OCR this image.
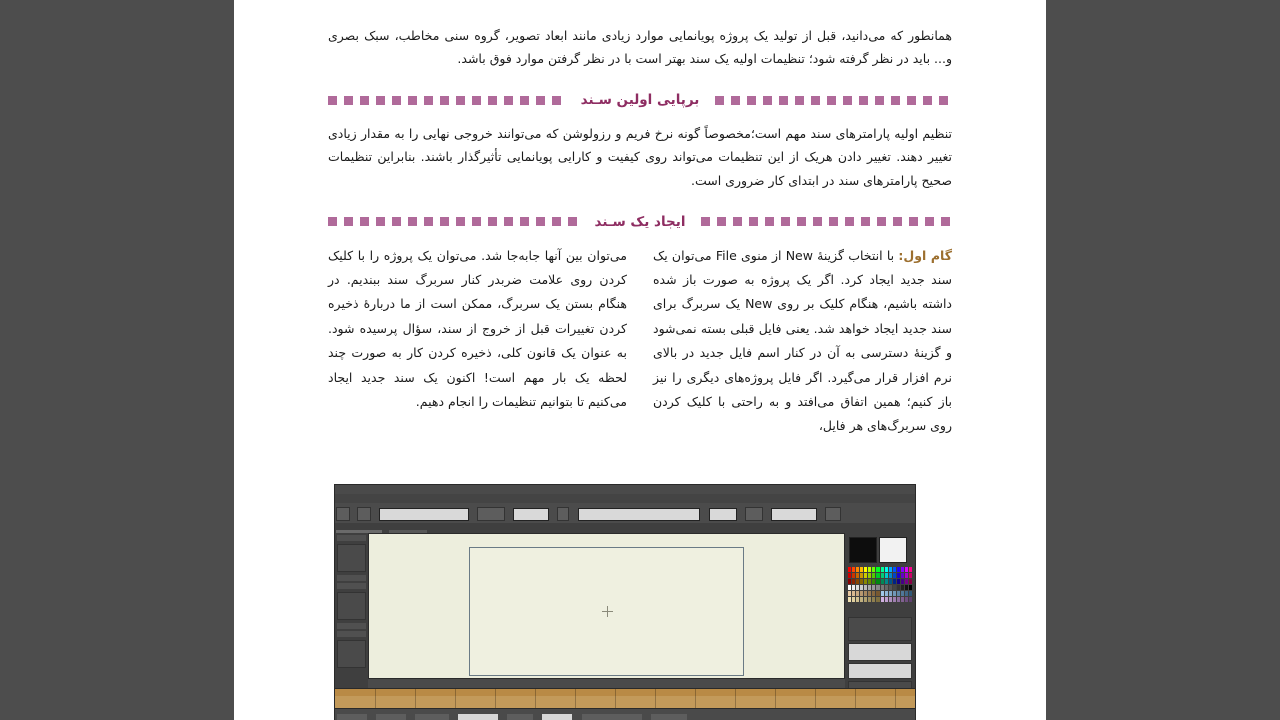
همانطور که می‌دانید، قبل از تولید یک پروژه پویانمایی موارد زیادی مانند ابعاد تصویر، گروه سنی مخاطب، سبک بصری و... باید در نظر گرفته شود؛ تنظیمات اولیه یک سند بهتر است با در نظر گرفتن موارد فوق باشد.

برپایی اولین سـند

تنظیم اولیه پارامترهای سند مهم است؛مخصوصاً گونه نرخ فریم و رزولوشن که می‌توانند خروجی نهایی را به مقدار زیادی تغییر دهند. تغییر دادن هریک از این تنظیمات می‌تواند روی کیفیت و کارایی پویانمایی تأثیرگذار باشند. بنابراین تنظیمات صحیح پارامترهای سند در ابتدای کار ضروری است.

ایجاد یک سـند

گام اول: با انتخاب گزینهٔ New از منوی File می‌توان یک سند جدید ایجاد کرد. اگر یک پروژه به صورت باز شده داشته باشیم، هنگام کلیک بر روی New یک سربرگ برای سند جدید ایجاد خواهد شد. یعنی فایل قبلی بسته نمی‌شود و گزینهٔ دسترسی به آن در کنار اسم فایل جدید در بالای نرم افزار قرار می‌گیرد. اگر فایل پروژه‌های دیگری را نیز باز کنیم؛ همین اتفاق می‌افتد و به راحتی با کلیک کردن روی سربرگ‌های هر فایل،

می‌توان بین آنها جابه‌جا شد. می‌توان یک پروژه را با کلیک کردن روی علامت ضربدر کنار سربرگ سند ببندیم. در هنگام بستن یک سربرگ، ممکن است از ما دربارهٔ ذخیره کردن تغییرات قبل از خروج از سند، سؤال پرسیده شود. به عنوان یک قانون کلی، ذخیره کردن کار به صورت چند لحظه یک بار مهم است! اکنون یک سند جدید ایجاد می‌کنیم تا بتوانیم تنظیمات را انجام دهیم.
